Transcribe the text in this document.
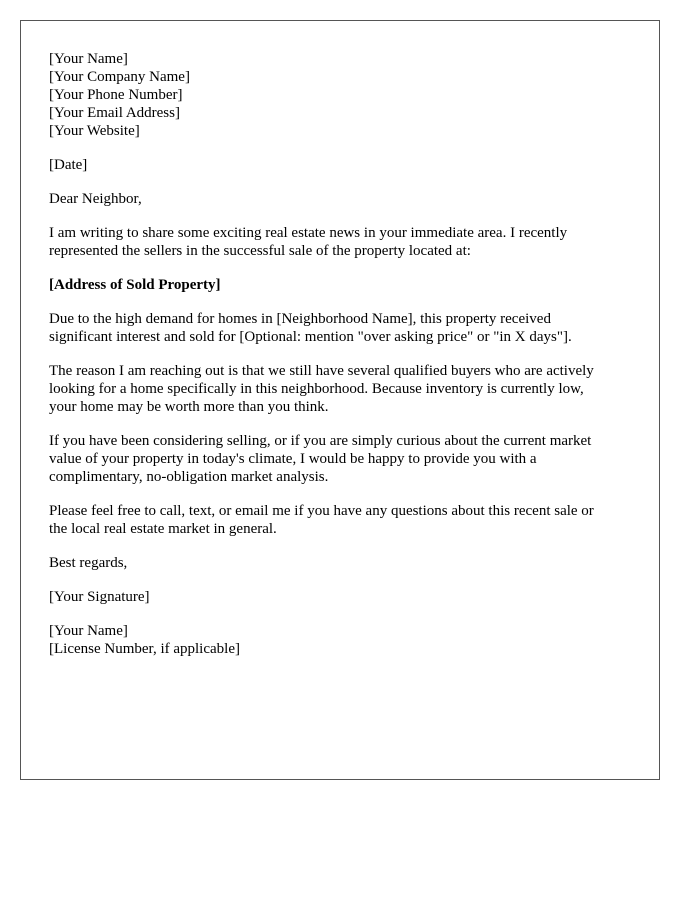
[Your Name]
[Your Company Name]
[Your Phone Number]
[Your Email Address]
[Your Website]
[Date]
Dear Neighbor,
I am writing to share some exciting real estate news in your immediate area. I recently
represented the sellers in the successful sale of the property located at:
[Address of Sold Property]
Due to the high demand for homes in [Neighborhood Name], this property received
significant interest and sold for [Optional: mention "over asking price" or "in X days"].
The reason I am reaching out is that we still have several qualified buyers who are actively
looking for a home specifically in this neighborhood. Because inventory is currently low,
your home may be worth more than you think.
If you have been considering selling, or if you are simply curious about the current market
value of your property in today's climate, I would be happy to provide you with a
complimentary, no-obligation market analysis.
Please feel free to call, text, or email me if you have any questions about this recent sale or
the local real estate market in general.
Best regards,
[Your Signature]
[Your Name]
[License Number, if applicable]
